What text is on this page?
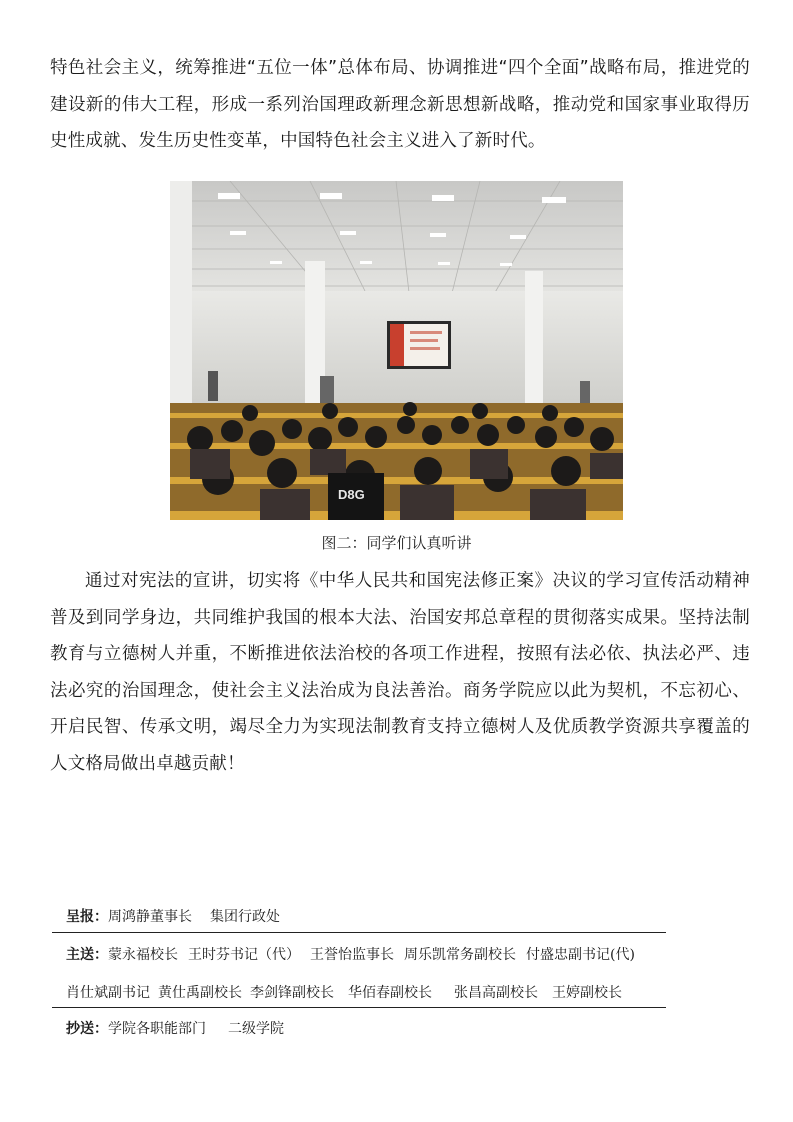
特色社会主义，统筹推进“五位一体”总体布局、协调推进“四个全面”战略布局，推进党的建设新的伟大工程，形成一系列治国理政新理念新思想新战略，推动党和国家事业取得历史性成就、发生历史性变革，中国特色社会主义进入了新时代。

D8G
图二：同学们认真听讲

通过对宪法的宣讲，切实将《中华人民共和国宪法修正案》决议的学习宣传活动精神普及到同学身边，共同维护我国的根本大法、治国安邦总章程的贯彻落实成果。坚持法制教育与立德树人并重，不断推进依法治校的各项工作进程，按照有法必依、执法必严、违法必究的治国理念，使社会主义法治成为良法善治。商务学院应以此为契机，不忘初心、开启民智、传承文明，竭尽全力为实现法制教育支持立德树人及优质教学资源共享覆盖的人文格局做出卓越贡献！

呈报：周鸿静董事长 集团行政处

主送：蒙永福校长 王时芬书记（代） 王誉怡监事长 周乐凯常务副校长 付盛忠副书记(代)

肖仕斌副书记 黄仕禹副校长 李剑锋副校长 华佰春副校长 张昌高副校长 王婷副校长

抄送：学院各职能部门 二级学院
